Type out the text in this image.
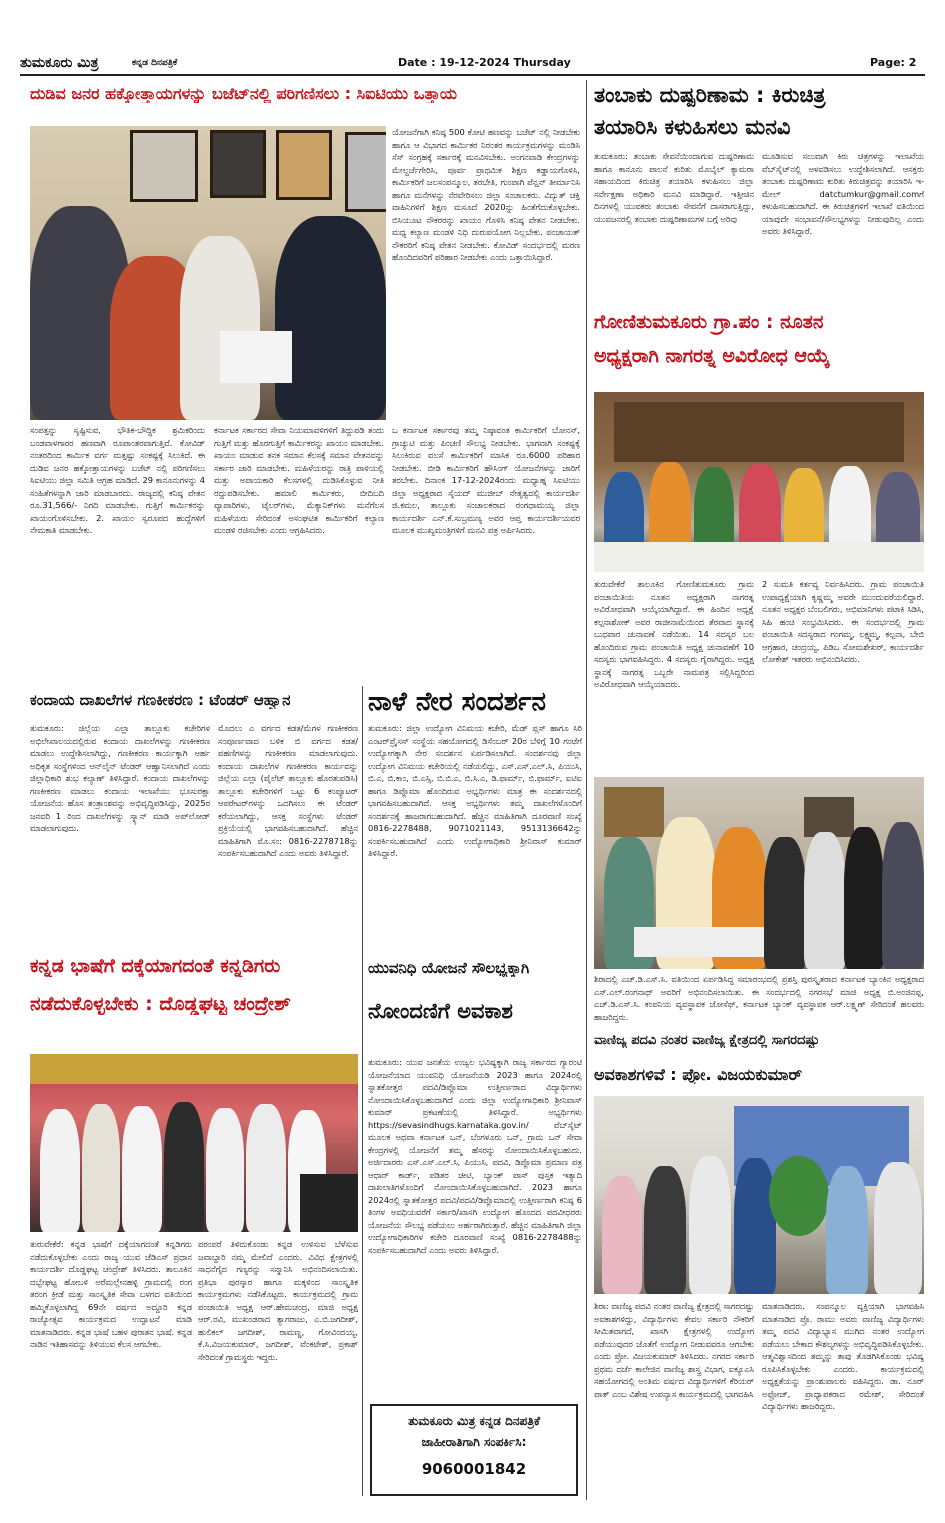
ತುಮಕೂರು ಮಿತ್ರ	ಕನ್ನಡ ದಿನಪತ್ರಿಕೆ	Date : 19-12-2024 Thursday	Page: 2
ದುಡಿವ ಜನರ ಹಕ್ಕೋತ್ತಾಯಗಳನ್ನು ಬಜೆಟ್‌ನಲ್ಲಿ ಪರಿಗಣಿಸಲು : ಸಿಐಟಿಯು ಒತ್ತಾಯ
ಯೋಜನೆಗಾಗಿ ಕನಿಷ್ಠ 500 ಕೋಟಿ ಹಣವನ್ನು ಬಜೆಟ್ ನಲ್ಲಿ ನೀಡಬೇಕು ಹಾಗೂ ಆ ವಿಭಾಗದ ಕಾರ್ಮಿಕರ ನಿರಂತರ ಕಾರ್ಯಕ್ರಮಗಳನ್ನು ಮಂಡಿಸಿ ಸೆಸ್ ಸಂಗ್ರಹಕ್ಕೆ ಸರ್ಕಾರಕ್ಕೆ ಮನವಿಸಬೇಕು. ಅಂಗನವಾಡಿ ಕೇಂದ್ರಗಳನ್ನು ಮೇಲ್ದರ್ಜೆಗೇರಿಸಿ, ಪೂರ್ವ ಪ್ರಾಥಮಿಕ ಶಿಕ್ಷಣ ಕಡ್ಡಾಯಗೊಳಿಸಿ, ಕಾರ್ಮಿಕರಿಗೆ ಜಲಸಂಪನ್ಮೂಲ, ತರಬೇತಿ, ಗುಂಪಾಗಿ ಪೆನ್ಷನ್ ತೀರ್ಮಾನಿಸಿ ಹಾಗೂ ಮನೆಗಳನ್ನು ನೆರವೇರಿಸಲು ಜಿಲ್ಲಾ ಸಂಚಾಲಕರು. ವಿದ್ಯುತ್ ಚಕ್ತಿ ವಾಹಿನಿಗಳಿಗೆ ಶಿಕ್ಷಣ ಮಸೂದೆ 2020ನ್ನು ಹಿಂತೆಗೆದುಕೊಳ್ಳಬೇಕು. ಬಿಸಿಯೂಟ ನೌಕರರನ್ನು ಖಾಯಂ ಗೊಳಿಸಿ ಕನಿಷ್ಠ ವೇತನ ನೀಡಬೇಕು. ಮಧ್ಯ ಕಲ್ಯಾಣ ಮಂಡಳಿ ನಿಧಿ ದುರುಪಯೋಗ ನಿಲ್ಲಬೇಕು. ಪಂಚಾಯತ್ ನೌಕರರಿಗೆ ಕನಿಷ್ಠ ವೇತನ ನೀಡಬೇಕು. ಕೋವಿಡ್ ಸಂದರ್ಭದಲ್ಲಿ ಮರಣ ಹೊಂದಿದವರಿಗೆ ಪರಿಹಾರ ನೀಡಬೇಕು ಎಂದು ಒತ್ತಾಯಿಸಿದ್ದಾರೆ.
ಸಂಪತ್ತನ್ನು ಸೃಷ್ಟಿಸುವ, ಭೌತಿಕ-ಬೌದ್ಧಿಕ ಶ್ರಮಿಕರಿಂದು ಬಂಡವಾಳಗಾರರ ಹಣವಾಗಿ ರೂಪಾಂತರವಾಗುತ್ತಿವೆ. ಕೋವಿಡ್ ನಂತರದಿಂದ ಕಾರ್ಮಿಕ ವರ್ಗ ಮತ್ತಷ್ಟು ಸಂಕಷ್ಟಕ್ಕೆ ಸಿಲುಕಿದೆ. ಈ ದುಡಿವ ಜನರ ಹಕ್ಕೋತ್ತಾಯಗಳನ್ನು ಬಜೆಟ್ ನಲ್ಲಿ ಪರಿಗಣಿಸಲು ಸಿಐಟಿಯು ಜಿಲ್ಲಾ ಸಮಿತಿ ಆಗ್ರಹ ಮಾಡಿದೆ. 29 ಕಾನೂನುಗಳನ್ನು 4 ಸಂಹಿತೆಗಳನ್ನಾಗಿ ಜಾರಿ ಮಾಡಬಾರದು. ರಾಜ್ಯದಲ್ಲಿ ಕನಿಷ್ಠ ವೇತನ ರೂ.31,566/- ನಿಗದಿ ಮಾಡಬೇಕು. ಗುತ್ತಿಗೆ ಕಾರ್ಮಿಕರನ್ನು ಖಾಯಂಗೊಳಿಸಬೇಕು. 2. ಖಾಯಂ ಸ್ವರೂಪದ ಹುದ್ದೆಗಳಿಗೆ ನೇಮಕಾತಿ ಮಾಡಬೇಕು.
ಕರ್ನಾಟಕ ಸರ್ಕಾರದ ಸೇವಾ ನಿಯಮಾವಳಿಗಳಿಗೆ ತಿದ್ದುಪಡಿ ತಂದು ಗುತ್ತಿಗೆ ಮತ್ತು ಹೊರಗುತ್ತಿಗೆ ಕಾರ್ಮಿಕರನ್ನು ಖಾಯಂ ಮಾಡಬೇಕು. ಖಾಯಂ ಮಾಡುವ ತನಕ ಸಮಾನ ಕೆಲಸಕ್ಕೆ ಸಮಾನ ವೇತನವನ್ನು ಸರ್ಕಾರ ಜಾರಿ ಮಾಡಬೇಕು. ಮಹಿಳೆಯರನ್ನು ರಾತ್ರಿ ಪಾಳಿಯಲ್ಲಿ ಮತ್ತು ಅಪಾಯಕಾರಿ ಕೆಲಸಗಳಲ್ಲಿ ದುಡಿಸಿಕೊಳ್ಳುವ ನೀತಿ ರದ್ದುಪಡಿಸಬೇಕು. ಹಮಾಲಿ ಕಾರ್ಮಿಕರು, ಬೀದಿಬದಿ ವ್ಯಾಪಾರಿಗಳು, ಟೈಲರ್‌ಗಳು, ಮೆಕ್ಯಾನಿಕ್‌ಗಳು ಮನೆಗೆಲಸ ಮಹಿಳೆಯರು ಸೇರಿದಂತೆ ಅಸಂಘಟಿತ ಕಾರ್ಮಿಕರಿಗೆ ಕಲ್ಯಾಣ ಮಂಡಳಿ ರಚಿಸಬೇಕು ಎಂದು ಆಗ್ರಹಿಸಿದರು.
ಒ ಕರ್ನಾಟಕ ಸರ್ಕಾರವು ತಮ್ಮ ನಿಷ್ಠಾವಂತ ಕಾರ್ಮಿಕರಿಗೆ ಬೋನಸ್, ಗ್ರಾಚ್ಯುಟಿ ಮತ್ತು ಪಿಂಚಣಿ ಸೌಲಭ್ಯ ನೀಡಬೇಕು. ಭಾಗವಾಗಿ ಸಂಕಷ್ಟಕ್ಕೆ ಸಿಲುಕಿರುವ ವಲಸೆ ಕಾರ್ಮಿಕರಿಗೆ ಮಾಸಿಕ ರೂ.6000 ಪರಿಹಾರ ನೀಡಬೇಕು. ಬೀಡಿ ಕಾರ್ಮಿಕರಿಗೆ ಹೌಸಿಂಗ್ ಯೋಜನೆಗಳನ್ನು ಜಾರಿಗೆ ತರಬೇಕು. ದಿನಾಂಕ 17-12-2024ರಂದು ಮಧ್ಯಾಹ್ನ ಸಿಐಟಿಯು ಜಿಲ್ಲಾ ಅಧ್ಯಕ್ಷರಾದ ಸೈಯದ್ ಮುಜೀಬ್ ನೇತೃತ್ವದಲ್ಲಿ ಕಾರ್ಯದರ್ಶಿ ಜಿ.ಕಮಲ, ತಾಲ್ಲೂಕು ಸಂಚಾಲಕರಾದ ರಂಗಧಾಮಯ್ಯ ಜಿಲ್ಲಾ ಕಾರ್ಯದರ್ಶಿ ಎನ್.ಕೆ.ಸುಬ್ರಮಣ್ಯ ಅವರ ಆಪ್ತ ಕಾರ್ಯದರ್ಶಿಯವರ ಮೂಲಕ ಮುಖ್ಯಮಂತ್ರಿಗಳಿಗೆ ಮನವಿ ಪತ್ರ ಅರ್ಪಿಸಿದರು.
ತಂಬಾಕು ದುಷ್ಪರಿಣಾಮ : ಕಿರುಚಿತ್ರ
ತಯಾರಿಸಿ ಕಳುಹಿಸಲು ಮನವಿ
ತುಮಕೂರು: ತಂಬಾಕು ಸೇವನೆಯಿಂದಾಗುವ ದುಷ್ಪರಿಣಾಮ ಹಾಗೂ ಕಾನೂನು ಪಾಲನೆ ಕುರಿತು ಮೊಬೈಲ್ ಕ್ಯಾಮರಾ ಸಹಾಯದಿಂದ ಕಿರುಚಿತ್ರ ತಯಾರಿಸಿ ಕಳುಹಿಸಲು ಜಿಲ್ಲಾ ಸರ್ವೇಕ್ಷಣಾ ಅಧಿಕಾರಿ ಮನವಿ ಮಾಡಿದ್ದಾರೆ. ಇತ್ತೀಚಿನ ದಿನಗಳಲ್ಲಿ ಯುವಕರು ತಂಬಾಕು ಸೇವನೆಗೆ ದಾಸರಾಗುತ್ತಿದ್ದು, ಯುವಜನರಲ್ಲಿ ತಂಬಾಕು ದುಷ್ಪರಿಣಾಮಗಳ ಬಗ್ಗೆ ಅರಿವು
ಮೂಡಿಸುವ ಸಲುವಾಗಿ ಕಿರು ಚಿತ್ರಗಳನ್ನು ಇಲಾಖೆಯ ವೆಬ್‌ಸೈಟ್‌ನಲ್ಲಿ ಅಳವಡಿಸಲು ಉದ್ದೇಶಿಸಲಾಗಿದೆ. ಆಸಕ್ತರು ತಂಬಾಕು ದುಷ್ಪರಿಣಾಮ ಕುರಿತು ಕಿರುಚಿತ್ರವನ್ನು ತಯಾರಿಸಿ ಇ-ಮೇಲ್ datctumkur@gmail.comಗೆ ಕಳುಹಿಸಬಹುದಾಗಿದೆ. ಈ ಕಿರುಚಿತ್ರಗಳಿಗೆ ಇಲಾಖೆ ವತಿಯಿಂದ ಯಾವುದೇ ಸಂಭಾವನೆ/ಸೌಲಭ್ಯಗಳನ್ನು ನೀಡುವುದಿಲ್ಲ ಎಂದು ಅವರು ತಿಳಿಸಿದ್ದಾರೆ.
ಗೋಣಿತುಮಕೂರು ಗ್ರಾ.ಪಂ : ನೂತನ
ಅಧ್ಯಕ್ಷರಾಗಿ ನಾಗರತ್ನ ಅವಿರೋಧ ಆಯ್ಕೆ
ತುರುವೇಕೆರೆ ತಾಲೂಕಿನ ಗೋಣಿತುಮಕೂರು ಗ್ರಾಮ ಪಂಚಾಯಿತಿಯ ನೂತನ ಅಧ್ಯಕ್ಷರಾಗಿ ನಾಗರತ್ನ ಅವಿರೋಧವಾಗಿ ಆಯ್ಕೆಯಾಗಿದ್ದಾರೆ. ಈ ಹಿಂದಿನ ಅಧ್ಯಕ್ಷೆ ಕಲ್ಪನಾಶೋಕ್ ಅವರ ರಾಜೀನಾಮೆಯಿಂದ ತೆರವಾದ ಸ್ಥಾನಕ್ಕೆ ಬುಧವಾರ ಚುನಾವಣೆ ನಡೆಯಿತು. 14 ಸದಸ್ಯರ ಬಲ ಹೊಂದಿರುವ ಗ್ರಾಮ ಪಂಚಾಯಿತಿ ಅಧ್ಯಕ್ಷ ಚುನಾವಣೆಗೆ 10 ಸದಸ್ಯರು ಭಾಗವಹಿಸಿದ್ದರು. 4 ಸದಸ್ಯರು ಗೈರಾಗಿದ್ದರು. ಅಧ್ಯಕ್ಷ ಸ್ಥಾನಕ್ಕೆ ನಾಗರತ್ನ ಒಬ್ಬರೇ ನಾಮಪತ್ರ ಸಲ್ಲಿಸಿದ್ದರಿಂದ ಅವಿರೋಧವಾಗಿ ಆಯ್ಕೆಯಾದರು.
2 ಸುಮತಿ ಕರ್ತವ್ಯ ನಿರ್ವಹಿಸಿದರು. ಗ್ರಾಮ ಪಂಚಾಯಿತಿ ಉಪಾಧ್ಯಕ್ಷೆಯಾಗಿ ಕೃಷ್ಣಮ್ಮ ಅವರೇ ಮುಂದುವರೆಯಲಿದ್ದಾರೆ. ನೂತನ ಅಧ್ಯಕ್ಷರ ಬೆಂಬಲಿಗರು, ಅಭಿಮಾನಿಗಳು ಪಟಾಕಿ ಸಿಡಿಸಿ, ಸಿಹಿ ಹಂಚಿ ಸಂಭ್ರಮಿಸಿದರು. ಈ ಸಂದರ್ಭದಲ್ಲಿ ಗ್ರಾಮ ಪಂಚಾಯಿತಿ ಸದಸ್ಯರಾದ ಗಂಗಮ್ಮ, ಲಕ್ಷ್ಮಮ್ಮ, ಕಲ್ಪನಾ, ಬೇಬಿ ಆಗ್ರಹಾರ, ಚಂದ್ರಯ್ಯ, ಪಿಡಿಒ ಸೋಮಶೇಖರ್, ಕಾರ್ಯದರ್ಶಿ ಲೋಕೇಶ್ ಇತರರು ಅಭಿನಂದಿಸಿದರು.
ಶಿರಾದಲ್ಲಿ ಎಚ್.ಡಿ.ಎಸ್.ಸಿ. ವತಿಯಿಂದ ಏರ್ಪಡಿಸಿದ್ದ ಸಮಾರಂಭದಲ್ಲಿ ಪ್ರಶಸ್ತಿ ಪುರಸ್ಕೃತರಾದ ಕರ್ನಾಟಕ ಬ್ಯಾಂಕಿನ ಅಧ್ಯಕ್ಷರಾದ ಎಸ್.ಎಲ್.ರಂಗನಾಥ್ ಅವರಿಗೆ ಅಭಿನಂದಿಸಲಾಯಿತು. ಈ ಸಂದರ್ಭದಲ್ಲಿ ನಗರಸಭೆ ಮಾಜಿ ಅಧ್ಯಕ್ಷ ಬಿ.ಅಂಜಿನಪ್ಪ, ಎಚ್.ಡಿ.ಎಸ್.ಸಿ. ಕಂಪನಿಯ ವ್ಯವಸ್ಥಾಪಕ ಜೋಸೆಫ್, ಕರ್ನಾಟಕ ಬ್ಯಾಂಕ್ ವ್ಯವಸ್ಥಾಪಕ ಆರ್.ಲಕ್ಷ್ಮಣ್ ಸೇರಿದಂತೆ ಹಲವರು ಹಾಜರಿದ್ದರು.
ಕಂದಾಯ ದಾಖಲೆಗಳ ಗಣಕೀಕರಣ : ಟೆಂಡರ್ ಆಹ್ವಾನ
ತುಮಕೂರು: ಜಿಲ್ಲೆಯ ಎಲ್ಲಾ ತಾಲ್ಲೂಕು ಕಚೇರಿಗಳ ಅಭಿಲೇಖಾಲಯದಲ್ಲಿರುವ ಕಂದಾಯ ದಾಖಲೆಗಳನ್ನು ಗಣಕೀಕರಣ ಮಾಡಲು ಉದ್ದೇಶಿಸಲಾಗಿದ್ದು, ಗಣಕೀಕರಣ ಕಾರ್ಯಕ್ಕಾಗಿ ಅರ್ಹ ಅಧಿಕೃತ ಸಂಸ್ಥೆಗಳಿಂದ ಆನ್‌ಲೈನ್ ಟೆಂಡರ್ ಆಹ್ವಾನಿಸಲಾಗಿದೆ ಎಂದು ಜಿಲ್ಲಾಧಿಕಾರಿ ಶುಭ ಕಲ್ಯಾಣ್ ತಿಳಿಸಿದ್ದಾರೆ. ಕಂದಾಯ ದಾಖಲೆಗಳನ್ನು ಗಣಕೀಕರಣ ಮಾಡಲು ಕಂದಾಯ ಇಲಾಖೆಯು ಭೂಸುರಕ್ಷಾ ಯೋಜನೆಯ ಹೊಸ ತಂತ್ರಾಂಶವನ್ನು ಅಭಿವೃದ್ಧಿಪಡಿಸಿದ್ದು, 2025ರ ಜನವರಿ 1 ರಿಂದ ದಾಖಲೆಗಳನ್ನು ಸ್ಕ್ಯಾನ್ ಮಾಡಿ ಅಪ್‌ಲೋಡ್ ಮಾಡಲಾಗುವುದು.
ಮೊದಲು ಎ ವರ್ಗದ ಕಡತ/ಮೆಗಳ ಗಣಕೀಕರಣ ಸಂಪೂರ್ಣವಾದ ಬಳಿಕ ಬಿ ವರ್ಗದ ಕಡತ/ಪಹಣಿಗಳನ್ನು ಗಣಕೀಕರಣ ಮಾಡಲಾಗುವುದು. ಕಂದಾಯ ದಾಖಲೆಗಳ ಗಣಕೀಕರಣ ಕಾರ್ಯವನ್ನು ಜಿಲ್ಲೆಯ ಎಲ್ಲಾ (ಪೈಲೆಟ್ ತಾಲ್ಲೂಕು ಹೊರತುಪಡಿಸಿ) ತಾಲ್ಲೂಕು ಕಚೇರಿಗಳಿಗೆ ಒಟ್ಟು 6 ಕಂಪ್ಯೂಟರ್ ಆಪರೇಟರ್‌ಗಳನ್ನು ಒದಗಿಸಲು ಈ ಟೆಂಡರ್ ಕರೆಯಲಾಗಿದ್ದು, ಆಸಕ್ತ ಸಂಸ್ಥೆಗಳು ಟೆಂಡರ್ ಪ್ರಕ್ರಿಯೆಯಲ್ಲಿ ಭಾಗವಹಿಸಬಹುದಾಗಿದೆ. ಹೆಚ್ಚಿನ ಮಾಹಿತಿಗಾಗಿ ಮೊ.ಸಂ: 0816-2278718ನ್ನು ಸಂಪರ್ಕಿಸಬಹುದಾಗಿದೆ ಎಂದು ಅವರು ತಿಳಿಸಿದ್ದಾರೆ.
ನಾಳೆ ನೇರ ಸಂದರ್ಶನ
ತುಮಕೂರು: ಜಿಲ್ಲಾ ಉದ್ಯೋಗ ವಿನಿಮಯ ಕಚೇರಿ, ಮೆಡ್ ಪ್ಲಸ್ ಹಾಗೂ ಸಿರಿ ಎಂಟರ್‌ಪ್ರೈಸಸ್ ಸಂಸ್ಥೆಯ ಸಹಯೋಗದಲ್ಲಿ ಡಿಸೆಂಬರ್ 20ರ ಬೆಳಿಗ್ಗೆ 10 ಗಂಟೆಗೆ ಉದ್ಯೋಗಕ್ಕಾಗಿ ನೇರ ಸಂದರ್ಶನ ಏರ್ಪಡಿಸಲಾಗಿದೆ. ಸಂದರ್ಶನವು ಜಿಲ್ಲಾ ಉದ್ಯೋಗ ವಿನಿಮಯ ಕಚೇರಿಯಲ್ಲಿ ನಡೆಯಲಿದ್ದು, ಎಸ್.ಎಸ್.ಎಲ್.ಸಿ, ಪಿಯುಸಿ, ಬಿ.ಎ, ಬಿ.ಕಾಂ, ಬಿ.ಎಸ್ಸಿ, ಬಿ.ಬಿ.ಎ, ಬಿ.ಸಿ.ಎ, ಡಿ.ಫಾರ್ಮ್, ಬಿ.ಫಾರ್ಮ್, ಐಟಿಐ ಹಾಗೂ ಡಿಪ್ಲೊಮಾ ಹೊಂದಿರುವ ಅಭ್ಯರ್ಥಿಗಳು ಮಾತ್ರ ಈ ಸಂದರ್ಶನದಲ್ಲಿ ಭಾಗವಹಿಸಬಹುದಾಗಿದೆ. ಆಸಕ್ತ ಅಭ್ಯರ್ಥಿಗಳು ತಮ್ಮ ದಾಖಲೆಗಳೊಂದಿಗೆ ಸಂದರ್ಶನಕ್ಕೆ ಹಾಜರಾಗಬಹುದಾಗಿದೆ. ಹೆಚ್ಚಿನ ಮಾಹಿತಿಗಾಗಿ ದೂರವಾಣಿ ಸಂಖ್ಯೆ 0816-2278488, 9071021143, 9513136642ನ್ನು ಸಂಪರ್ಕಿಸಬಹುದಾಗಿದೆ ಎಂದು ಉದ್ಯೋಗಾಧಿಕಾರಿ ಶ್ರೀನಿವಾಸ್ ಕುಮಾರ್ ತಿಳಿಸಿದ್ದಾರೆ.
ಕನ್ನಡ ಭಾಷೆಗೆ ದಕ್ಕೆಯಾಗದಂತೆ ಕನ್ನಡಿಗರು
ನಡೆದುಕೊಳ್ಳಬೇಕು : ದೊಡ್ಡಘಟ್ಟ ಚಂದ್ರೇಶ್
ತುರುವೇಕೆರೆ: ಕನ್ನಡ ಭಾಷೆಗೆ ದಕ್ಕೆಯಾಗದಂತೆ ಕನ್ನಡಿಗರು ನಡೆದುಕೊಳ್ಳಬೇಕು ಎಂದು ರಾಜ್ಯ ಯುವ ಜೆಡಿಎಸ್ ಪ್ರಧಾನ ಕಾರ್ಯದರ್ಶಿ ದೊಡ್ಡಘಟ್ಟ ಚಂದ್ರೇಶ್ ತಿಳಿಸಿದರು. ತಾಲೂಕಿನ ದಬ್ಬೇಘಟ್ಟ ಹೋಬಳಿ ಅರೆಮಲ್ಲೇನಹಳ್ಳಿ ಗ್ರಾಮದಲ್ಲಿ ರಂಗ ತರಂಗ ಕ್ರೀಡೆ ಮತ್ತು ಸಾಂಸ್ಕೃತಿಕ ಸೇವಾ ಬಳಗದ ವತಿಯಿಂದ ಹಮ್ಮಿಕೊಳ್ಳಲಾಗಿದ್ದ 69ನೇ ವರ್ಷದ ಅದ್ದೂರಿ ಕನ್ನಡ ರಾಜ್ಯೋತ್ಸವ ಕಾರ್ಯಕ್ರಮದ ಉದ್ಘಾಟನೆ ಮಾಡಿ ಮಾತನಾಡಿದರು. ಕನ್ನಡ ಭಾಷೆ ಬಹಳ ಪುರಾತನ ಭಾಷೆ. ಕನ್ನಡ ನಾಡಿನ ಇತಿಹಾಸವನ್ನು ತಿಳಿಯುವ ಕೆಲಸ ಆಗಬೇಕು.
ಪರಂಪರೆ ತಿಳಿದುಕೊಂಡು ಕನ್ನಡ ಉಳಿಸುವ ಬೆಳೆಸುವ ಜವಾಬ್ದಾರಿ ನಮ್ಮ ಮೇಲಿದೆ ಎಂದರು. ವಿವಿಧ ಕ್ಷೇತ್ರಗಳಲ್ಲಿ ಸಾಧನೆಗೈದ ಗಣ್ಯರನ್ನು ಸನ್ಮಾನಿಸಿ ಅಭಿನಂದಿಸಲಾಯಿತು. ಪ್ರತಿಭಾ ಪುರಸ್ಕಾರ ಹಾಗೂ ಮಕ್ಕಳಿಂದ ಸಾಂಸ್ಕೃತಿಕ ಕಾರ್ಯಕ್ರಮಗಳು ನಡೆಸಿಕೊಟ್ಟರು. ಕಾರ್ಯಕ್ರಮದಲ್ಲಿ ಗ್ರಾಮ ಪಂಚಾಯಿತಿ ಅಧ್ಯಕ್ಷ ಆರ್.ಹೇಮಚಂದ್ರ, ಮಾಜಿ ಅಧ್ಯಕ್ಷ ಆರ್.ರವಿ, ಮುಖಂಡರಾದ ತ್ಯಾಗರಾಜು, ಎ.ಬಿ.ಜಗದೀಶ್, ಹುಲಿಕಲ್ ಜಗದೀಶ್, ರಾಮಣ್ಣ, ಗೋವಿಂದಯ್ಯ, ಕೆ.ಸಿ.ವಿಜಯಕುಮಾರ್, ಜಗದೀಶ್, ವೆಂಕಟೇಶ್, ಪ್ರಕಾಶ್ ಸೇರಿದಂತೆ ಗ್ರಾಮಸ್ಥರು ಇದ್ದರು.
ಯುವನಿಧಿ ಯೋಜನೆ ಸೌಲಭ್ಯಕ್ಕಾಗಿ
ನೋಂದಣಿಗೆ ಅವಕಾಶ
ತುಮಕೂರು: ಯುವ ಜನತೆಯ ಉಜ್ವಲ ಭವಿಷ್ಯಕ್ಕಾಗಿ ರಾಜ್ಯ ಸರ್ಕಾರದ ಗ್ಯಾರಂಟಿ ಯೋಜನೆಯಾದ ಯುವನಿಧಿ ಯೋಜನೆಯಡಿ 2023 ಹಾಗೂ 2024ರಲ್ಲಿ ಸ್ನಾತಕೋತ್ತರ ಪದವಿ/ಡಿಪ್ಲೊಮಾ ಉತ್ತೀರ್ಣರಾದ ವಿದ್ಯಾರ್ಥಿಗಳು ನೋಂದಾಯಿಸಿಕೊಳ್ಳಬಹುದಾಗಿದೆ ಎಂದು ಜಿಲ್ಲಾ ಉದ್ಯೋಗಾಧಿಕಾರಿ ಶ್ರೀನಿವಾಸ್ ಕುಮಾರ್ ಪ್ರಕಟಣೆಯಲ್ಲಿ ತಿಳಿಸಿದ್ದಾರೆ. ಅಭ್ಯರ್ಥಿಗಳು https://sevasindhugs.karnataka.gov.in/ ವೆಬ್‌ಸೈಟ್ ಮೂಲಕ ಅಥವಾ ಕರ್ನಾಟಕ ಒನ್, ಬೆಂಗಳೂರು ಒನ್, ಗ್ರಾಮ ಒನ್ ಸೇವಾ ಕೇಂದ್ರಗಳಲ್ಲಿ ಯೋಜನೆಗೆ ತಮ್ಮ ಹೆಸರನ್ನು ನೋಂದಾಯಿಸಿಕೊಳ್ಳಬಹುದು. ಅರ್ಜಿದಾರರು ಎಸ್.ಎಸ್.ಎಲ್.ಸಿ, ಪಿಯುಸಿ, ಪದವಿ, ಡಿಪ್ಲೊಮಾ ಪ್ರಮಾಣ ಪತ್ರ ಆಧಾರ್ ಕಾರ್ಡ್, ಪಡಿತರ ಚೀಟಿ, ಬ್ಯಾಂಕ್ ಪಾಸ್ ಪುಸ್ತಕ ಇತ್ಯಾದಿ ದಾಖಲಾತಿಗಳೊಂದಿಗೆ ನೋಂದಾಯಿಸಿಕೊಳ್ಳಬಹುದಾಗಿದೆ. 2023 ಹಾಗೂ 2024ರಲ್ಲಿ ಸ್ನಾತಕೋತ್ತರ ಪದವಿ/ಪದವಿ/ಡಿಪ್ಲೊಮಾದಲ್ಲಿ ಉತ್ತೀರ್ಣರಾಗಿ ಕನಿಷ್ಠ 6 ತಿಂಗಳ ಅವಧಿಯವರೆಗೆ ಸರ್ಕಾರಿ/ಖಾಸಗಿ ಉದ್ಯೋಗ ಹೊಂದದ ಪದವೀಧರರು ಯೋಜನೆಯ ಸೌಲಭ್ಯ ಪಡೆಯಲು ಅರ್ಹರಾಗಿರುತ್ತಾರೆ. ಹೆಚ್ಚಿನ ಮಾಹಿತಿಗಾಗಿ ಜಿಲ್ಲಾ ಉದ್ಯೋಗಾಧಿಕಾರಿಗಳ ಕಚೇರಿ ದೂರವಾಣಿ ಸಂಖ್ಯೆ 0816-2278488ನ್ನು ಸಂಪರ್ಕಿಸಬಹುದಾಗಿದೆ ಎಂದು ಅವರು ತಿಳಿಸಿದ್ದಾರೆ.
ತುಮಕೂರು ಮಿತ್ರ ಕನ್ನಡ ದಿನಪತ್ರಿಕೆ
ಜಾಹೀರಾತಿಗಾಗಿ ಸಂಪರ್ಕಿಸಿ:
9060001842
ವಾಣಿಜ್ಯ ಪದವಿ ನಂತರ ವಾಣಿಜ್ಯ ಕ್ಷೇತ್ರದಲ್ಲಿ ಸಾಗರದಷ್ಟು
ಅವಕಾಶಗಳಿವೆ : ಪ್ರೋ. ವಿಜಯಕುಮಾರ್
ಶಿರಾ: ವಾಣಿಜ್ಯ ಪದವಿ ನಂತರ ವಾಣಿಜ್ಯ ಕ್ಷೇತ್ರದಲ್ಲಿ ಸಾಗರದಷ್ಟು ಅವಕಾಶಗಳಿದ್ದು, ವಿದ್ಯಾರ್ಥಿಗಳು ಕೇವಲ ಸರ್ಕಾರಿ ನೌಕರಿಗೆ ಸೀಮಿತವಾಗದೆ, ಖಾಸಗಿ ಕ್ಷೇತ್ರಗಳಲ್ಲಿ ಉದ್ಯೋಗ ಪಡೆಯುವುದರ ಜೊತೆಗೆ ಉದ್ಯೋಗ ನೀಡುವವರೂ ಆಗಬೇಕು ಎಂದು ಪ್ರೋ. ವಿಜಯಕುಮಾರ್ ತಿಳಿಸಿದರು. ನಗರದ ಸರ್ಕಾರಿ ಪ್ರಥಮ ದರ್ಜೆ ಕಾಲೇಜಿನ ವಾಣಿಜ್ಯ ಶಾಸ್ತ್ರ ವಿಭಾಗ, ಐಕ್ಯೂಎಸಿ ಸಹಯೋಗದಲ್ಲಿ ಅಂತಿಮ ವರ್ಷದ ವಿದ್ಯಾರ್ಥಿಗಳಿಗೆ ಕೆರಿಯರ್ ಪಾತ್ ಎಂಬ ವಿಶೇಷ ಉಪನ್ಯಾಸ ಕಾರ್ಯಕ್ರಮದಲ್ಲಿ ಭಾಗವಹಿಸಿ
ಮಾತನಾಡಿದರು. ಸಂಪನ್ಮೂಲ ವ್ಯಕ್ತಿಯಾಗಿ ಭಾಗವಹಿಸಿ ಮಾತನಾಡಿದ ಪ್ರೊ. ರಾಮು ಅವರು ವಾಣಿಜ್ಯ ವಿದ್ಯಾರ್ಥಿಗಳು ತಮ್ಮ ಪದವಿ ವಿದ್ಯಾಭ್ಯಾಸ ಮುಗಿದ ನಂತರ ಉದ್ಯೋಗ ಪಡೆಯಲು ಬೇಕಾದ ಕೌಶಲ್ಯಗಳನ್ನು ಅಭಿವೃದ್ಧಿಪಡಿಸಿಕೊಳ್ಳಬೇಕು. ಆತ್ಮವಿಶ್ವಾಸದಿಂದ ತಮ್ಮನ್ನು ತಾವು ತೊಡಗಿಸಿಕೊಂಡು ಭವಿಷ್ಯ ರೂಪಿಸಿಕೊಳ್ಳಬೇಕು ಎಂದರು. ಕಾರ್ಯಕ್ರಮದಲ್ಲಿ ಅಧ್ಯಕ್ಷತೆಯನ್ನು ಪ್ರಾಂಶುಪಾಲರು ವಹಿಸಿದ್ದರು. ಡಾ. ನೂರ್ ಅಫ್ರೋಜ್, ಪ್ರಾಧ್ಯಾಪಕರಾದ ರಮೇಶ್, ಸೇರಿದಂತೆ ವಿದ್ಯಾರ್ಥಿಗಳು ಹಾಜರಿದ್ದರು.
